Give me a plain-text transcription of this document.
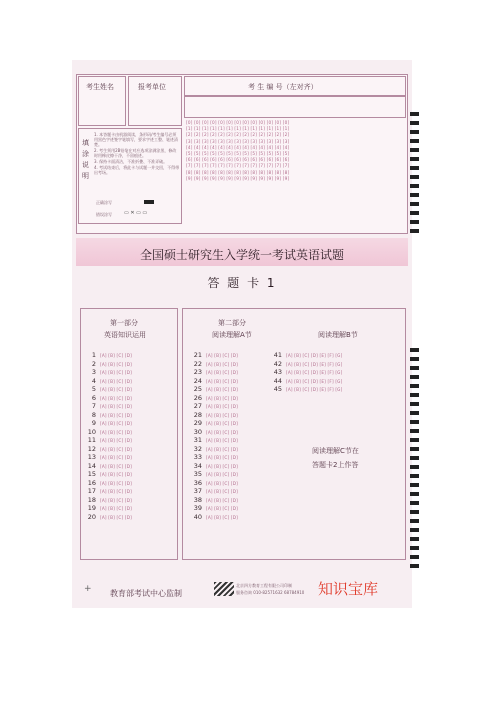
考生姓名	报考单位	考 生 编 号（左对齐）
填 涂 说 明
1. 本答题卡由机器阅读，条形码/考生编号必须用黑色字迹签字笔填写，要求字迹工整、笔迹清楚。
2. 考生须用2B铅笔在对应选项涂满涂黑，修改时用橡皮擦干净，不留痕迹。
3. 保持卡面清洁，不准折叠、不准弄破。
4. 考试结束后，将此卡与试题一并交回，不得带出考场。
正确涂写
错误涂写 ▭ ✕ ▭ ▭
[0] [0] [0] [0] [0] [0] [0] [0] [0] [0] [0] [0] [0]
[1] [1] [1] [1] [1] [1] [1] [1] [1] [1] [1] [1] [1]
[2] [2] [2] [2] [2] [2] [2] [2] [2] [2] [2] [2] [2]
[3] [3] [3] [3] [3] [3] [3] [3] [3] [3] [3] [3] [3]
[4] [4] [4] [4] [4] [4] [4] [4] [4] [4] [4] [4] [4]
[5] [5] [5] [5] [5] [5] [5] [5] [5] [5] [5] [5] [5]
[6] [6] [6] [6] [6] [6] [6] [6] [6] [6] [6] [6] [6]
[7] [7] [7] [7] [7] [7] [7] [7] [7] [7] [7] [7] [7]
[8] [8] [8] [8] [8] [8] [8] [8] [8] [8] [8] [8] [8]
[9] [9] [9] [9] [9] [9] [9] [9] [9] [9] [9] [9] [9]
全国硕士研究生入学统一考试英语试题
答 题 卡 1
第一部分
英语知识运用
1 [A] [B] [C] [D]
2 [A] [B] [C] [D]
3 [A] [B] [C] [D]
4 [A] [B] [C] [D]
5 [A] [B] [C] [D]
6 [A] [B] [C] [D]
7 [A] [B] [C] [D]
8 [A] [B] [C] [D]
9 [A] [B] [C] [D]
10 [A] [B] [C] [D]
11 [A] [B] [C] [D]
12 [A] [B] [C] [D]
13 [A] [B] [C] [D]
14 [A] [B] [C] [D]
15 [A] [B] [C] [D]
16 [A] [B] [C] [D]
17 [A] [B] [C] [D]
18 [A] [B] [C] [D]
19 [A] [B] [C] [D]
20 [A] [B] [C] [D]
第二部分
阅读理解A节	阅读理解B节
21 [A] [B] [C] [D]
22 [A] [B] [C] [D]
23 [A] [B] [C] [D]
24 [A] [B] [C] [D]
25 [A] [B] [C] [D]
26 [A] [B] [C] [D]
27 [A] [B] [C] [D]
28 [A] [B] [C] [D]
29 [A] [B] [C] [D]
30 [A] [B] [C] [D]
31 [A] [B] [C] [D]
32 [A] [B] [C] [D]
33 [A] [B] [C] [D]
34 [A] [B] [C] [D]
35 [A] [B] [C] [D]
36 [A] [B] [C] [D]
37 [A] [B] [C] [D]
38 [A] [B] [C] [D]
39 [A] [B] [C] [D]
40 [A] [B] [C] [D]
41 [A] [B] [C] [D] [E] [F] [G]
42 [A] [B] [C] [D] [E] [F] [G]
43 [A] [B] [C] [D] [E] [F] [G]
44 [A] [B] [C] [D] [E] [F] [G]
45 [A] [B] [C] [D] [E] [F] [G]
阅读理解C节在
答题卡2上作答
+ 教育部考试中心监制
北京四方教育工程有限公司印制
服务咨询 010-82571632 68784910 知识宝库
